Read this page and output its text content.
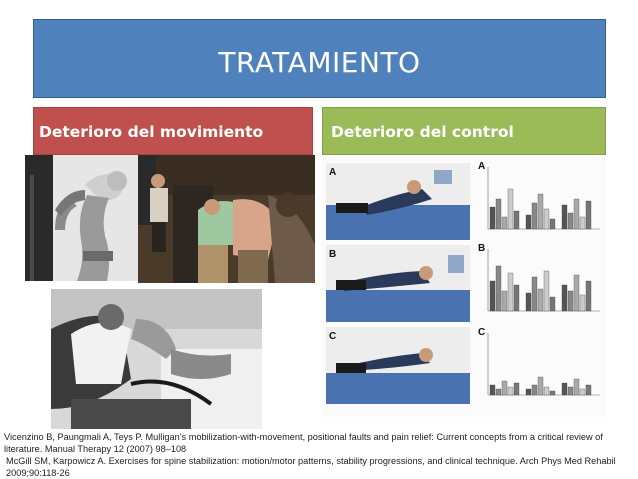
TRATAMIENTO
Deterioro del movimiento	Deterioro del control
A
B
C
A
B
C

Vicenzino B, Paungmali A, Teys P. Mulligan’s mobilization-with-movement, positional faults and pain relief: Current concepts from a critical review of literature. Manual Therapy 12 (2007) 98–108

McGill SM, Karpowicz A. Exercises for spine stabilization: motion/motor patterns, stability progressions, and clinical technique. Arch Phys Med Rehabil 2009;90:118-26
